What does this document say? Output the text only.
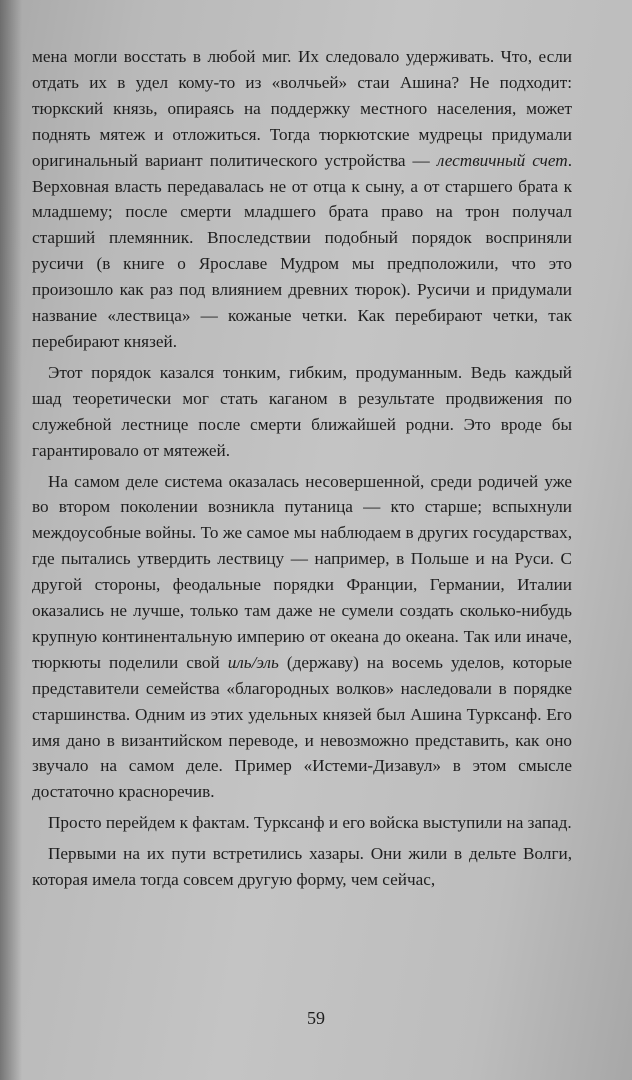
мена могли восстать в любой миг. Их следовало удерживать. Что, если отдать их в удел кому-то из «волчьей» стаи Ашина? Не подходит: тюркский князь, опираясь на поддержку местного населения, может поднять мятеж и отложиться. Тогда тюркютские мудрецы придумали оригинальный вариант политического устройства — лествичный счет. Верховная власть передавалась не от отца к сыну, а от старшего брата к младшему; после смерти младшего брата право на трон получал старший племянник. Впоследствии подобный порядок восприняли русичи (в книге о Ярославе Мудром мы предположили, что это произошло как раз под влиянием древних тюрок). Русичи и придумали название «лествица» — кожаные четки. Как перебирают четки, так перебирают князей.

Этот порядок казался тонким, гибким, продуманным. Ведь каждый шад теоретически мог стать каганом в результате продвижения по служебной лестнице после смерти ближайшей родни. Это вроде бы гарантировало от мятежей.

На самом деле система оказалась несовершенной, среди родичей уже во втором поколении возникла путаница — кто старше; вспыхнули междоусобные войны. То же самое мы наблюдаем в других государствах, где пытались утвердить лествицу — например, в Польше и на Руси. С другой стороны, феодальные порядки Франции, Германии, Италии оказались не лучше, только там даже не сумели создать сколько-нибудь крупную континентальную империю от океана до океана. Так или иначе, тюркюты поделили свой иль/эль (державу) на восемь уделов, которые представители семейства «благородных волков» наследовали в порядке старшинства. Одним из этих удельных князей был Ашина Турксанф. Его имя дано в византийском переводе, и невозможно представить, как оно звучало на самом деле. Пример «Истеми-Дизавул» в этом смысле достаточно красноречив.

Просто перейдем к фактам. Турксанф и его войска выступили на запад.

Первыми на их пути встретились хазары. Они жили в дельте Волги, которая имела тогда совсем другую форму, чем сейчас,

59
